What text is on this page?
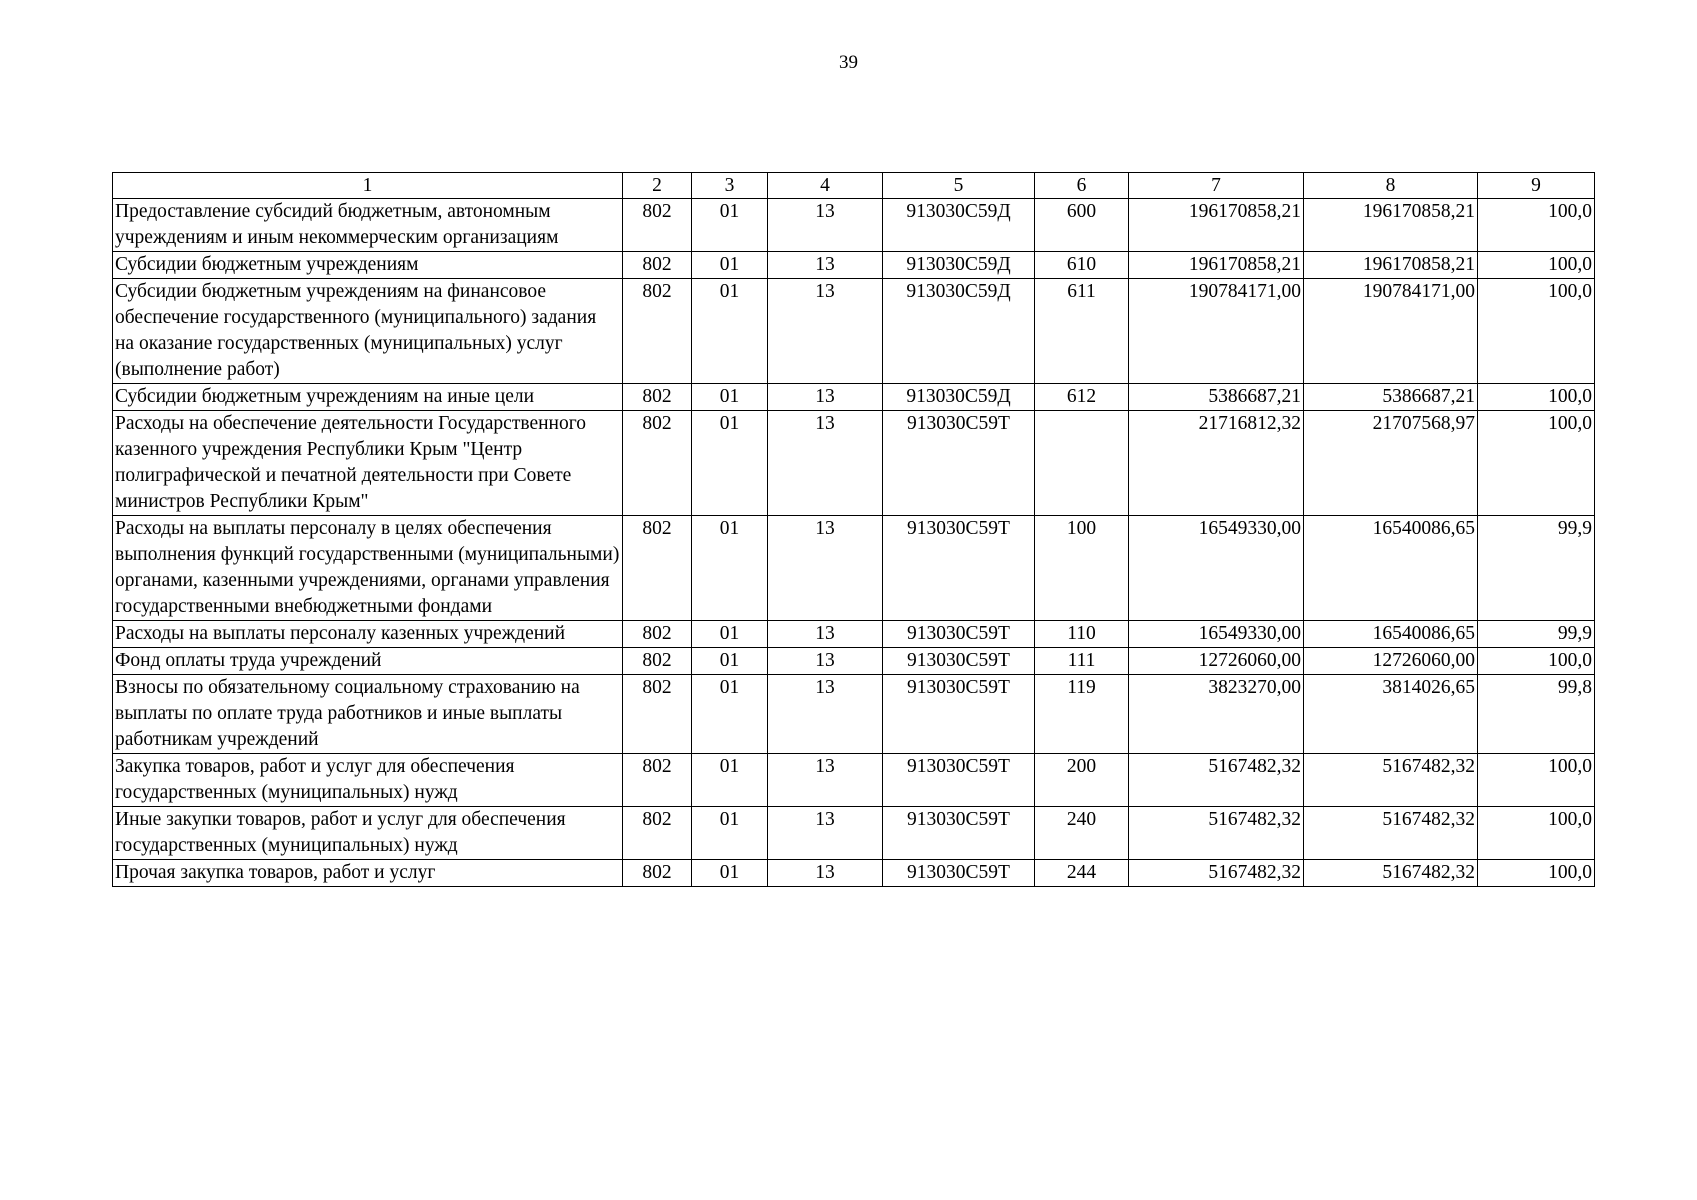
39
1	2	3	4	5	6	7	8	9
Предоставление субсидий бюджетным, автономным учреждениям и иным некоммерческим организациям	802	01	13	913030С59Д	600	196170858,21	196170858,21	100,0
Субсидии бюджетным учреждениям	802	01	13	913030С59Д	610	196170858,21	196170858,21	100,0
Субсидии бюджетным учреждениям на финансовое обеспечение государственного (муниципального) задания на оказание государственных (муниципальных) услуг (выполнение работ)	802	01	13	913030С59Д	611	190784171,00	190784171,00	100,0
Субсидии бюджетным учреждениям на иные цели	802	01	13	913030С59Д	612	5386687,21	5386687,21	100,0
Расходы на обеспечение деятельности Государственного казенного учреждения Республики Крым "Центр полиграфической и печатной деятельности при Совете министров Республики Крым"	802	01	13	913030С59Т		21716812,32	21707568,97	100,0
Расходы на выплаты персоналу в целях обеспечения выполнения функций государственными (муниципальными) органами, казенными учреждениями, органами управления государственными внебюджетными фондами	802	01	13	913030С59Т	100	16549330,00	16540086,65	99,9
Расходы на выплаты персоналу казенных учреждений	802	01	13	913030С59Т	110	16549330,00	16540086,65	99,9
Фонд оплаты труда учреждений	802	01	13	913030С59Т	111	12726060,00	12726060,00	100,0
Взносы по обязательному социальному страхованию на выплаты по оплате труда работников и иные выплаты работникам учреждений	802	01	13	913030С59Т	119	3823270,00	3814026,65	99,8
Закупка товаров, работ и услуг для обеспечения государственных (муниципальных) нужд	802	01	13	913030С59Т	200	5167482,32	5167482,32	100,0
Иные закупки товаров, работ и услуг для обеспечения государственных (муниципальных) нужд	802	01	13	913030С59Т	240	5167482,32	5167482,32	100,0
Прочая закупка товаров, работ и услуг	802	01	13	913030С59Т	244	5167482,32	5167482,32	100,0
